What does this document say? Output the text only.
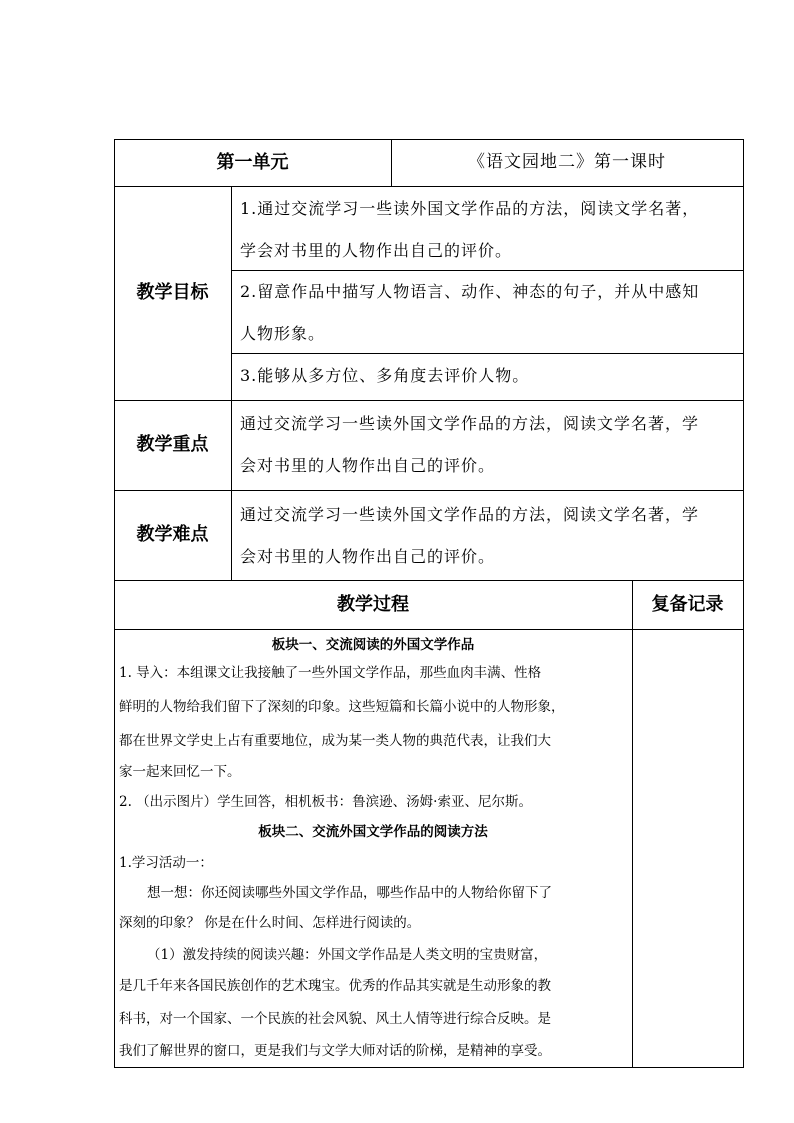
第一单元	《语文园地二》第一课时
教学目标
1.通过交流学习一些读外国文学作品的方法，阅读文学名著，
学会对书里的人物作出自己的评价。
2.留意作品中描写人物语言、动作、神态的句子，并从中感知
人物形象。
3.能够从多方位、多角度去评价人物。
教学重点
通过交流学习一些读外国文学作品的方法，阅读文学名著，学
会对书里的人物作出自己的评价。
教学难点
通过交流学习一些读外国文学作品的方法，阅读文学名著，学
会对书里的人物作出自己的评价。
教学过程	复备记录
板块一、交流阅读的外国文学作品
1. 导入：本组课文让我接触了一些外国文学作品，那些血肉丰满、性格
鲜明的人物给我们留下了深刻的印象。这些短篇和长篇小说中的人物形象，
都在世界文学史上占有重要地位，成为某一类人物的典范代表，让我们大
家一起来回忆一下。
2. （出示图片）学生回答，相机板书：鲁滨逊、汤姆·索亚、尼尔斯。
板块二、交流外国文学作品的阅读方法
1.学习活动一：
想一想：你还阅读哪些外国文学作品，哪些作品中的人物给你留下了
深刻的印象？ 你是在什么时间、怎样进行阅读的。
（1）激发持续的阅读兴趣：外国文学作品是人类文明的宝贵财富，
是几千年来各国民族创作的艺术瑰宝。优秀的作品其实就是生动形象的教
科书，对一个国家、一个民族的社会风貌、风土人情等进行综合反映。是
我们了解世界的窗口，更是我们与文学大师对话的阶梯，是精神的享受。
